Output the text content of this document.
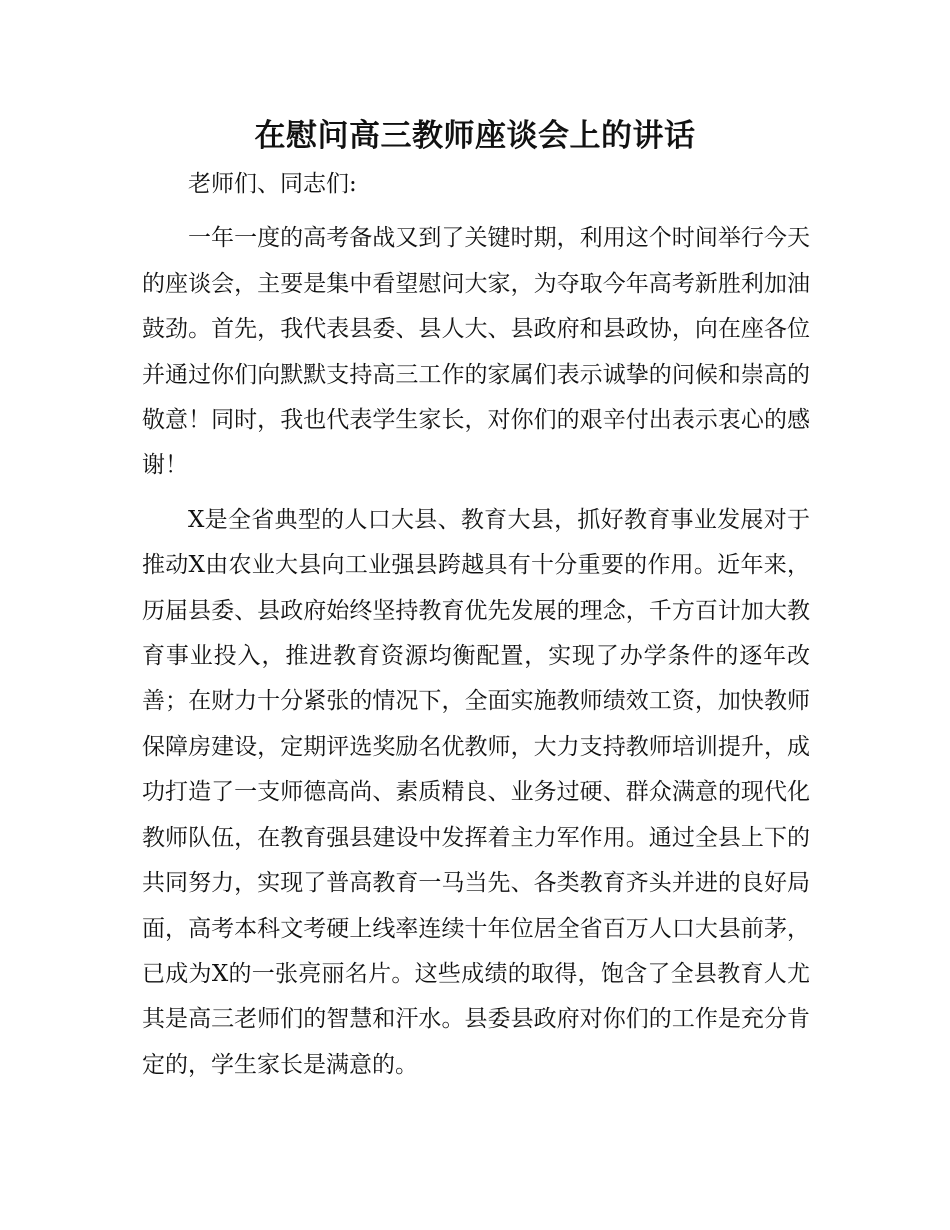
在慰问高三教师座谈会上的讲话

老师们、同志们:

一年一度的高考备战又到了关键时期，利用这个时间举行今天的座谈会，主要是集中看望慰问大家，为夺取今年高考新胜利加油鼓劲。首先，我代表县委、县人大、县政府和县政协，向在座各位并通过你们向默默支持高三工作的家属们表示诚挚的问候和崇高的敬意！同时，我也代表学生家长，对你们的艰辛付出表示衷心的感谢！

X是全省典型的人口大县、教育大县，抓好教育事业发展对于推动X由农业大县向工业强县跨越具有十分重要的作用。近年来，历届县委、县政府始终坚持教育优先发展的理念，千方百计加大教育事业投入，推进教育资源均衡配置，实现了办学条件的逐年改善；在财力十分紧张的情况下，全面实施教师绩效工资，加快教师保障房建设，定期评选奖励名优教师，大力支持教师培训提升，成功打造了一支师德高尚、素质精良、业务过硬、群众满意的现代化教师队伍，在教育强县建设中发挥着主力军作用。通过全县上下的共同努力，实现了普高教育一马当先、各类教育齐头并进的良好局面，高考本科文考硬上线率连续十年位居全省百万人口大县前茅，已成为X的一张亮丽名片。这些成绩的取得，饱含了全县教育人尤其是高三老师们的智慧和汗水。县委县政府对你们的工作是充分肯定的，学生家长是满意的。
